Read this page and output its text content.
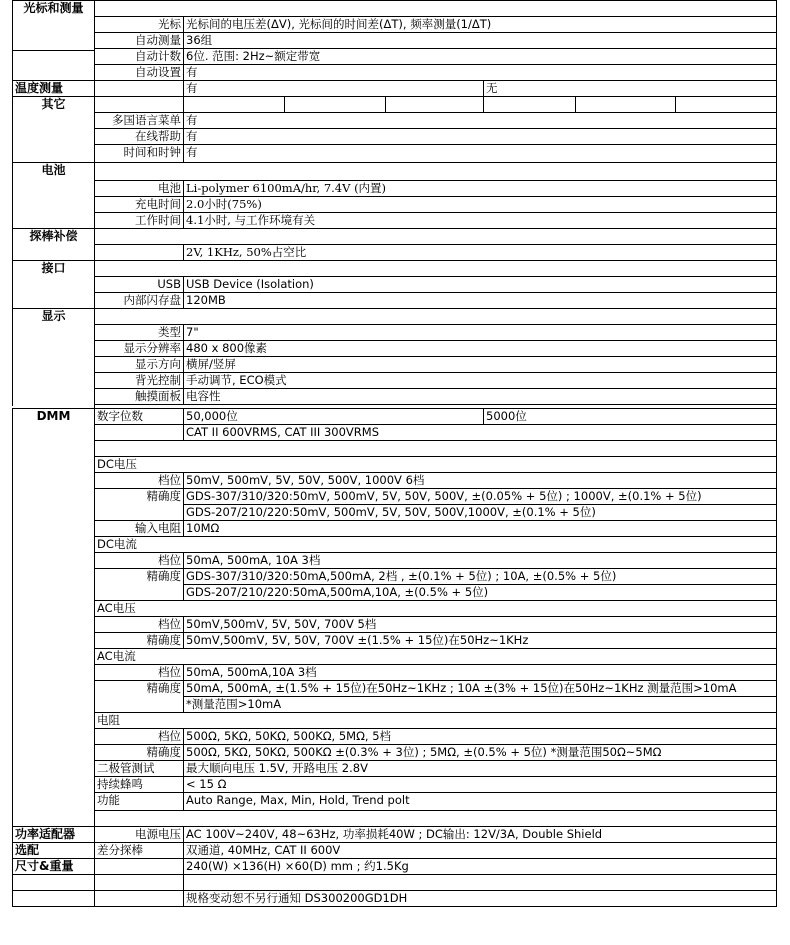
光标和测量
光标 光标间的电压差(ΔV), 光标间的时间差(ΔT), 频率测量(1/ΔT)
自动测量 36组
自动计数 6位. 范围: 2Hz~额定带宽
自动设置 有
温度测量	有	无
其它
多国语言菜单 有
在线帮助 有
时间和时钟 有
电池
电池 Li-polymer 6100mA/hr, 7.4V (内置)
充电时间 2.0小时(75%)
工作时间 4.1小时, 与工作环境有关
探棒补偿
2V, 1KHz, 50%占空比
接口
USB USB Device (Isolation)
内部闪存盘 120MB
显示
类型 7"
显示分辨率 480 x 800像素
显示方向 横屏/竖屏
背光控制 手动调节, ECO模式
触摸面板 电容性
DMM	数字位数	50,000位	5000位
CAT II 600VRMS, CAT III 300VRMS
DC电压
档位 50mV, 500mV, 5V, 50V, 500V, 1000V 6档
精确度 GDS-307/310/320:50mV, 500mV, 5V, 50V, 500V, ±(0.05% + 5位) ; 1000V, ±(0.1% + 5位)
GDS-207/210/220:50mV, 500mV, 5V, 50V, 500V,1000V, ±(0.1% + 5位)
输入电阻 10MΩ
DC电流
档位 50mA, 500mA, 10A 3档
精确度 GDS-307/310/320:50mA,500mA, 2档 , ±(0.1% + 5位) ; 10A, ±(0.5% + 5位)
GDS-207/210/220:50mA,500mA,10A, ±(0.5% + 5位)
AC电压
档位 50mV,500mV, 5V, 50V, 700V 5档
精确度 50mV,500mV, 5V, 50V, 700V ±(1.5% + 15位)在50Hz~1KHz
AC电流
档位 50mA, 500mA,10A 3档
精确度 50mA, 500mA, ±(1.5% + 15位)在50Hz~1KHz ; 10A ±(3% + 15位)在50Hz~1KHz 测量范围>10mA
*测量范围>10mA
电阻
档位 500Ω, 5KΩ, 50KΩ, 500KΩ, 5MΩ, 5档
精确度 500Ω, 5KΩ, 50KΩ, 500KΩ ±(0.3% + 3位) ; 5MΩ, ±(0.5% + 5位) *测量范围50Ω~5MΩ
二极管测试	最大顺向电压 1.5V, 开路电压 2.8V
持续蜂鸣	< 15 Ω
功能	Auto Range, Max, Min, Hold, Trend polt
功率适配器	电源电压 AC 100V~240V, 48~63Hz, 功率损耗40W ; DC输出: 12V/3A, Double Shield
选配	差分探棒	双通道, 40MHz, CAT II 600V
尺寸&重量	240(W) ×136(H) ×60(D) mm ; 约1.5Kg
规格变动恕不另行通知 DS300200GD1DH
